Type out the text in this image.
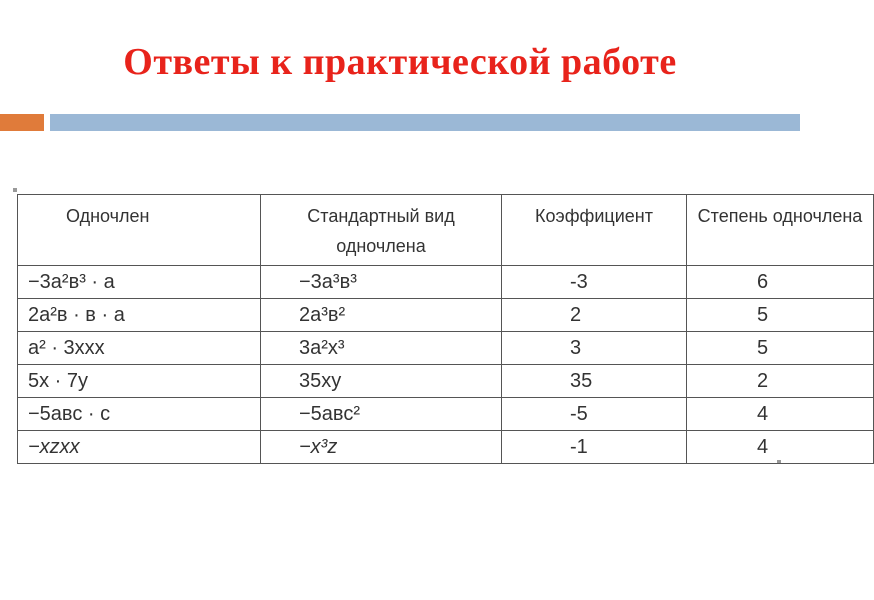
Ответы к практической работе
Одночлен	Стандартный вид одночлена	Коэффициент	Степень одночлена
−3a²в³ · a	−3a³в³	-3	6
2a²в · в · a	2a³в²	2	5
a² · 3xxx	3a²x³	3	5
5x · 7y	35xy	35	2
−5авс · с	−5авс²	-5	4
−xzxx	−x³z	-1	4
